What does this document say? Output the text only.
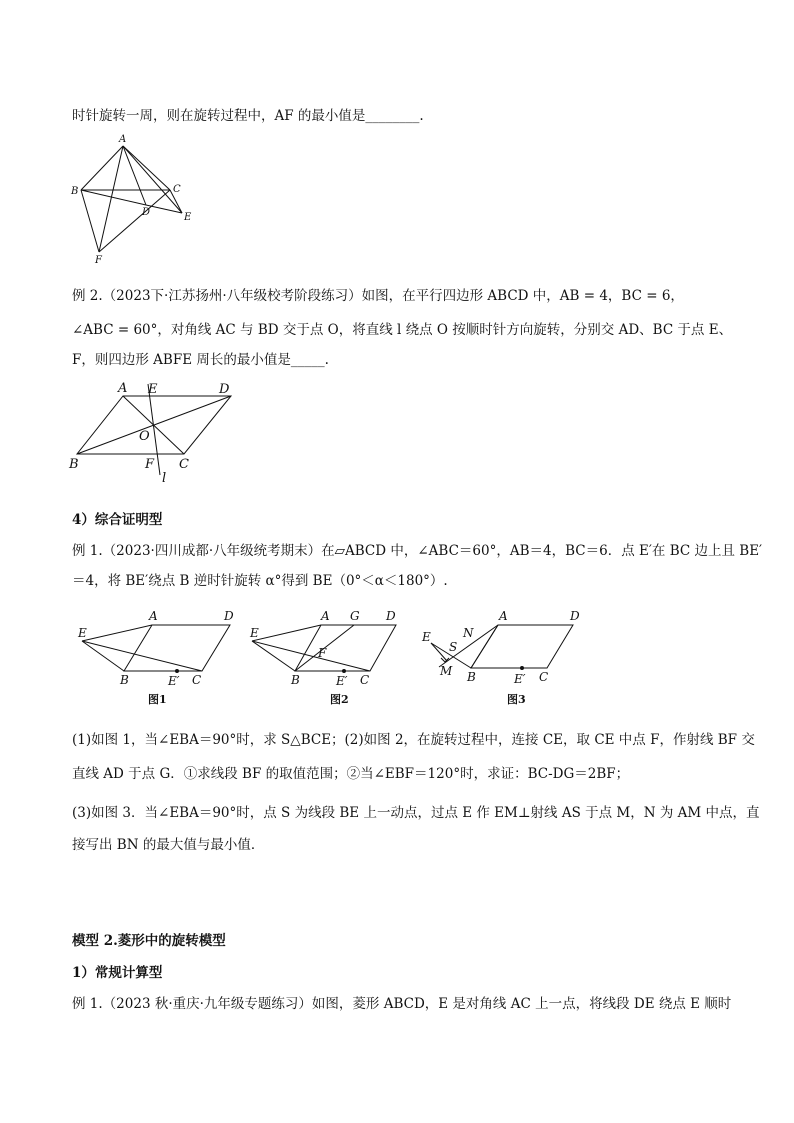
时针旋转一周，则在旋转过程中，AF 的最小值是________.
A
B	C
D	E
F
例 2.（2023下·江苏扬州·八年级校考阶段练习）如图，在平行四边形 ABCD 中，AB = 4，BC = 6，
∠ABC = 60°，对角线 AC 与 BD 交于点 O，将直线 l 绕点 O 按顺时针方向旋转，分别交 AD、BC 于点 E、
F，则四边形 ABFE 周长的最小值是_____.
A E	D
O
B	F C
l
4）综合证明型
例 1.（2023·四川成都·八年级统考期末）在▱ABCD 中，∠ABC＝60°，AB＝4，BC＝6．点 E′在 BC 边上且 BE′
＝4，将 BE′绕点 B 逆时针旋转 α°得到 BE（0°＜α＜180°）.
A	D
E
B	E′ C
图1
A G D
E
F
B	E′ C
图2
A	D
N
E
S
M B	E′ C
图3
(1)如图 1，当∠EBA＝90°时，求 S△BCE；(2)如图 2，在旋转过程中，连接 CE，取 CE 中点 F，作射线 BF 交
直线 AD 于点 G．①求线段 BF 的取值范围；②当∠EBF＝120°时，求证：BC-DG＝2BF；
(3)如图 3．当∠EBA＝90°时，点 S 为线段 BE 上一动点，过点 E 作 EM⊥射线 AS 于点 M，N 为 AM 中点，直
接写出 BN 的最大值与最小值．
模型 2.菱形中的旋转模型
1）常规计算型
例 1.（2023 秋·重庆·九年级专题练习）如图，菱形 ABCD，E 是对角线 AC 上一点，将线段 DE 绕点 E 顺时
